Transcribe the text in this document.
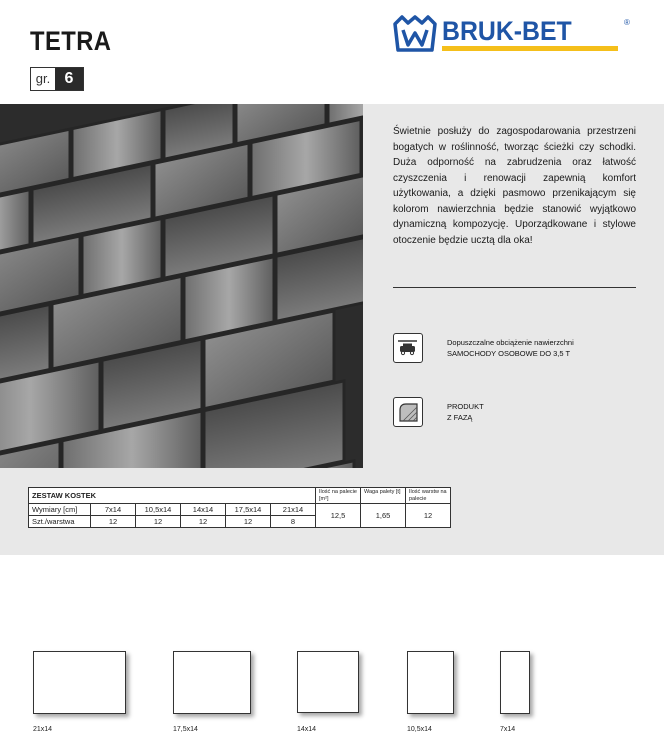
TETRA
gr. 6
BRUK-BET	®
Świetnie posłuży do zagospodarowania przestrzeni bogatych w roślinność, tworząc ścieżki czy schodki. Duża odporność na zabrudzenia oraz łatwość czyszczenia i renowacji zapewnią komfort użytkowania, a dzięki pasmowo przenikającym się kolorom nawierzchnia będzie stanowić wyjątkowo dynamiczną kompozycję. Uporządkowane i stylowe otoczenie będzie ucztą dla oka!
Dopuszczalne obciążenie nawierzchni
SAMOCHODY OSOBOWE DO 3,5 T
PRODUKT
Z FAZĄ
ZESTAW KOSTEK						Ilość na palecie [m²]	Waga palety [t]	Ilość warstw na palecie
Wymiary [cm]	7x14	10,5x14	14x14	17,5x14	21x14	12,5	1,65	12
Szt./warstwa	12	12	12	12	8			
21x14	17,5x14	14x14	10,5x14	7x14
